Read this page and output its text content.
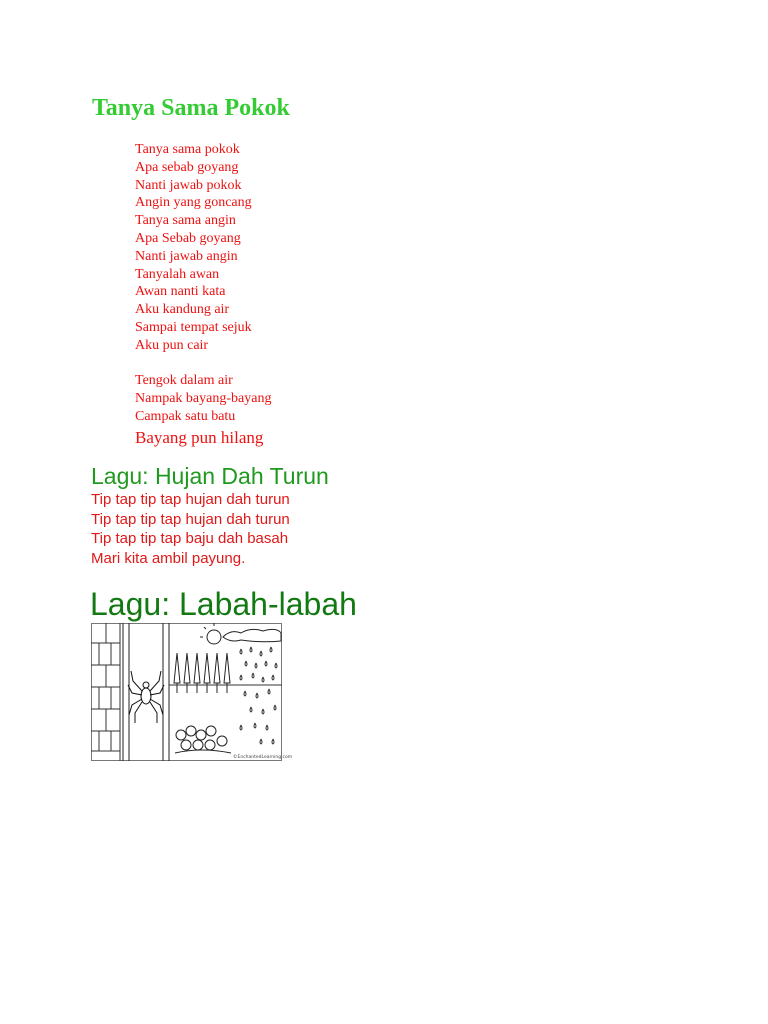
Tanya Sama Pokok
Tanya sama pokok
Apa sebab goyang
Nanti jawab pokok
Angin yang goncang
Tanya sama angin
Apa Sebab goyang
Nanti jawab angin
Tanyalah awan
Awan nanti kata
Aku kandung air
Sampai tempat sejuk
Aku pun cair
Tengok dalam air
Nampak bayang-bayang
Campak satu batu
Bayang pun hilang
Lagu: Hujan Dah Turun
Tip tap tip tap hujan dah turun
Tip tap tip tap hujan dah turun
Tip tap tip tap baju dah basah
Mari kita ambil payung.
Lagu: Labah-labah
©EnchantedLearning.com
